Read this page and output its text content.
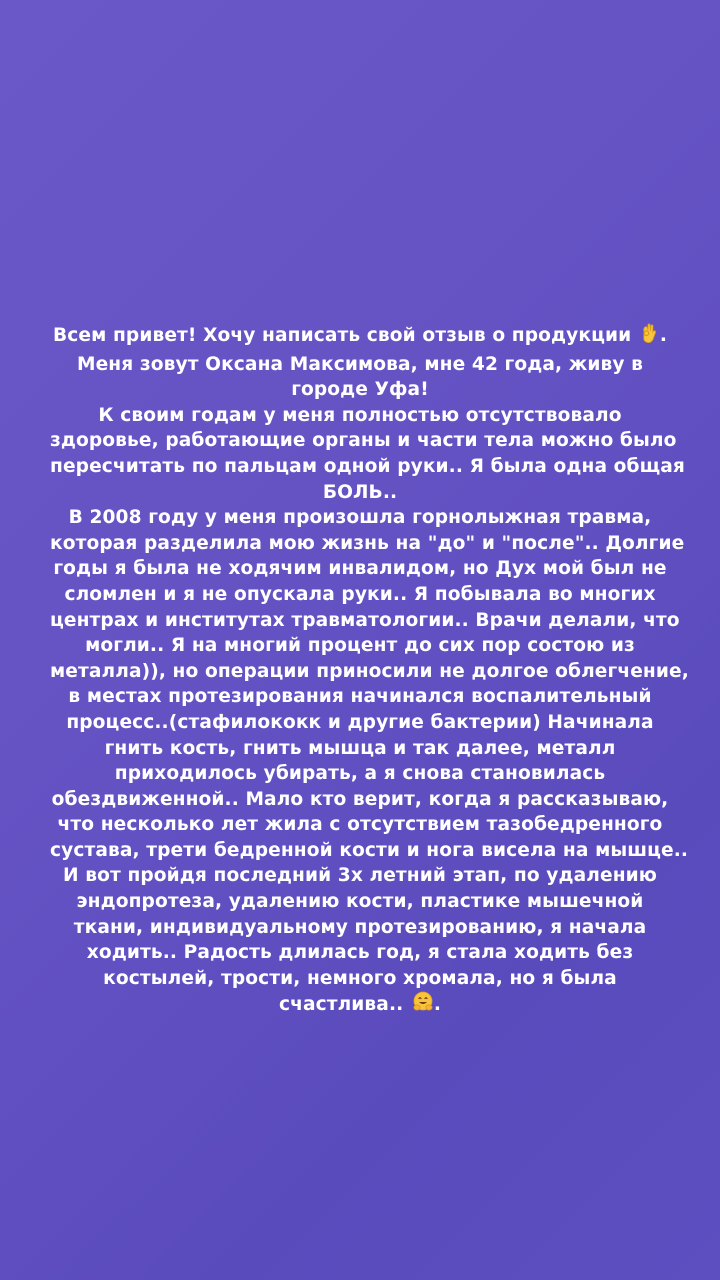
Всем привет! Хочу написать свой отзыв о продукции .
Меня зовут Оксана Максимова, мне 42 года, живу в
городе Уфа!
К своим годам у меня полностью отсутствовало
здоровье, работающие органы и части тела можно было
пересчитать по пальцам одной руки.. Я была одна общая
БОЛЬ..
В 2008 году у меня произошла горнолыжная травма,
которая разделила мою жизнь на "до" и "после".. Долгие
годы я была не ходячим инвалидом, но Дух мой был не
сломлен и я не опускала руки.. Я побывала во многих
центрах и институтах травматологии.. Врачи делали, что
могли.. Я на многий процент до сих пор состою из
металла)), но операции приносили не долгое облегчение,
в местах протезирования начинался воспалительный
процесс..(стафилококк и другие бактерии) Начинала
гнить кость, гнить мышца и так далее, металл
приходилось убирать, а я снова становилась
обездвиженной.. Мало кто верит, когда я рассказываю,
что несколько лет жила с отсутствием тазобедренного
сустава, трети бедренной кости и нога висела на мышце..
И вот пройдя последний 3х летний этап, по удалению
эндопротеза, удалению кости, пластике мышечной
ткани, индивидуальному протезированию, я начала
ходить.. Радость длилась год, я стала ходить без
костылей, трости, немного хромала, но я была
счастлива.. .
